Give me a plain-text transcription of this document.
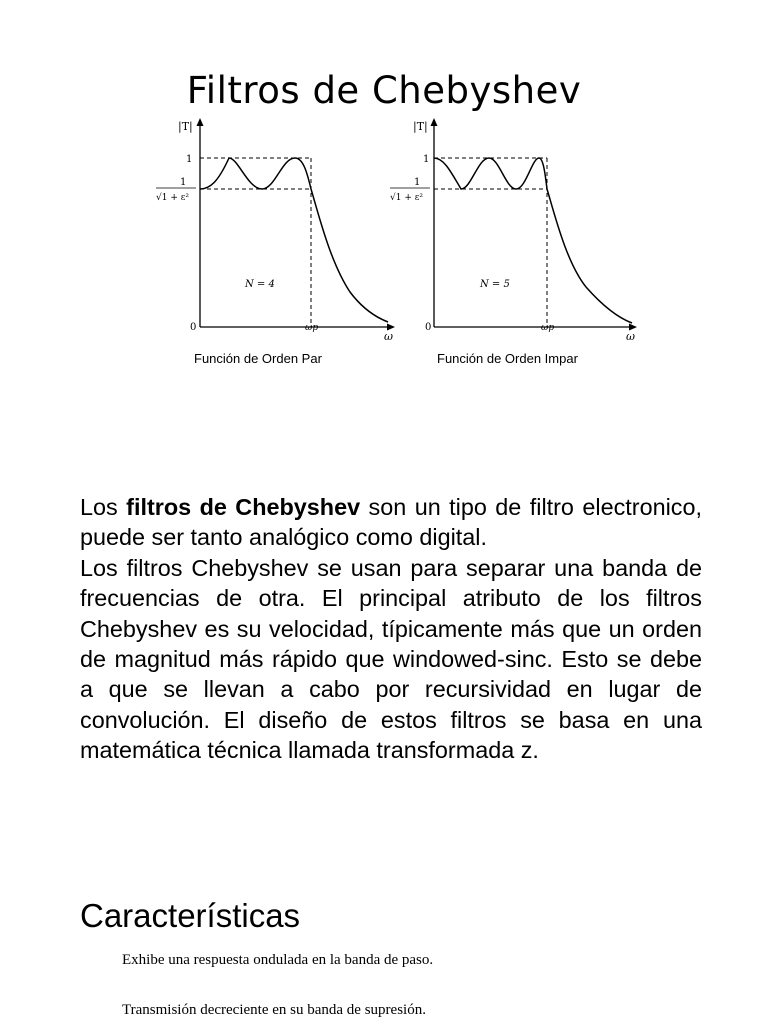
Filtros de Chebyshev
|T|
1
1
√1 + ε²
N = 4
0	ωp
ω
Función de Orden Par
|T|
1
1
√1 + ε²
N = 5
0	ωp
ω
Función de Orden Impar

Los filtros de Chebyshev son un tipo de filtro electronico, puede ser tanto analógico como digital.

Los filtros Chebyshev se usan para separar una banda de frecuencias de otra. El principal atributo de los filtros Chebyshev es su velocidad, típicamente más que un orden de magnitud más rápido que windowed-sinc. Esto se debe a que se llevan a cabo por recursividad en lugar de convolución. El diseño de estos filtros se basa en una matemática técnica llamada transformada z.

Características
Exhibe una respuesta ondulada en la banda de paso.
Transmisión decreciente en su banda de supresión.
